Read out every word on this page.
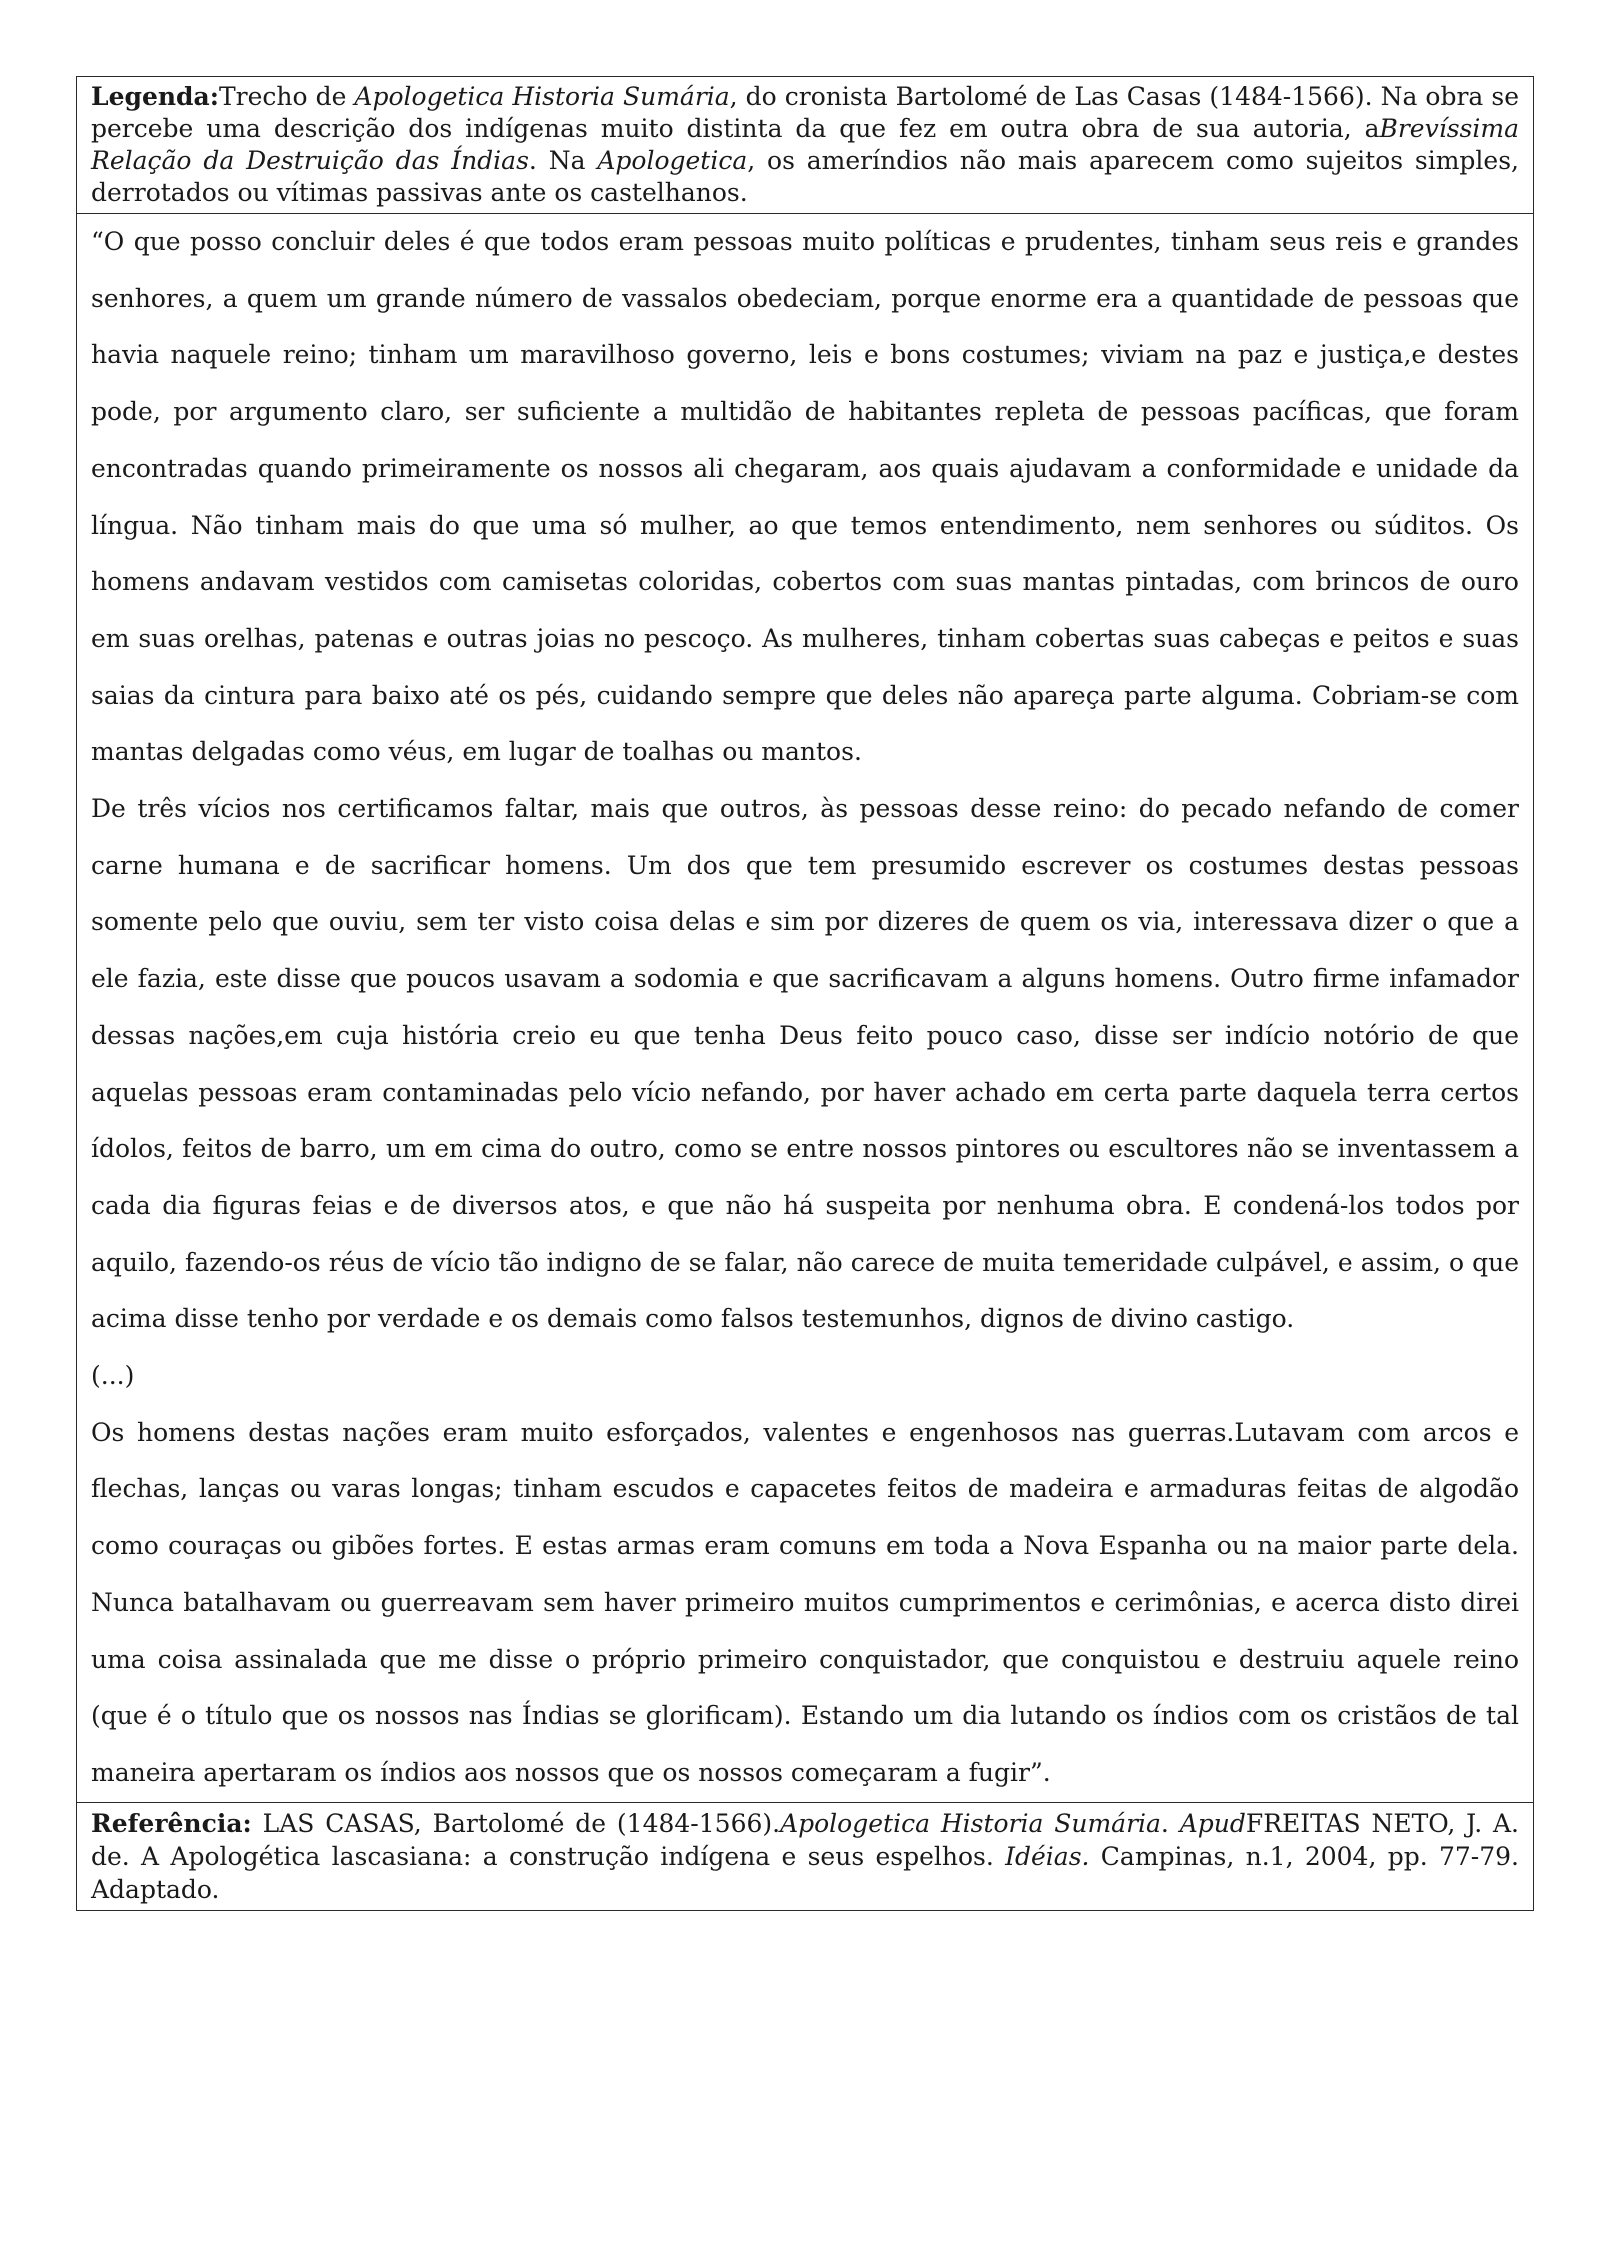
Legenda:Trecho de Apologetica Historia Sumária, do cronista Bartolomé de Las Casas (1484-1566). Na obra se percebe uma descrição dos indígenas muito distinta da que fez em outra obra de sua autoria, aBrevíssima Relação da Destruição das Índias. Na Apologetica, os ameríndios não mais aparecem como sujeitos simples, derrotados ou vítimas passivas ante os castelhanos.

“O que posso concluir deles é que todos eram pessoas muito políticas e prudentes, tinham seus reis e grandes senhores, a quem um grande número de vassalos obedeciam, porque enorme era a quantidade de pessoas que havia naquele reino; tinham um maravilhoso governo, leis e bons costumes; viviam na paz e justiça,e destes pode, por argumento claro, ser suficiente a multidão de habitantes repleta de pessoas pacíficas, que foram encontradas quando primeiramente os nossos ali chegaram, aos quais ajudavam a conformidade e unidade da língua. Não tinham mais do que uma só mulher, ao que temos entendimento, nem senhores ou súditos. Os homens andavam vestidos com camisetas coloridas, cobertos com suas mantas pintadas, com brincos de ouro em suas orelhas, patenas e outras joias no pescoço. As mulheres, tinham cobertas suas cabeças e peitos e suas saias da cintura para baixo até os pés, cuidando sempre que deles não apareça parte alguma. Cobriam-se com mantas delgadas como véus, em lugar de toalhas ou mantos.

De três vícios nos certificamos faltar, mais que outros, às pessoas desse reino: do pecado nefando de comer carne humana e de sacrificar homens. Um dos que tem presumido escrever os costumes destas pessoas somente pelo que ouviu, sem ter visto coisa delas e sim por dizeres de quem os via, interessava dizer o que a ele fazia, este disse que poucos usavam a sodomia e que sacrificavam a alguns homens. Outro firme infamador dessas nações,em cuja história creio eu que tenha Deus feito pouco caso, disse ser indício notório de que aquelas pessoas eram contaminadas pelo vício nefando, por haver achado em certa parte daquela terra certos ídolos, feitos de barro, um em cima do outro, como se entre nossos pintores ou escultores não se inventassem a cada dia figuras feias e de diversos atos, e que não há suspeita por nenhuma obra. E condená-los todos por aquilo, fazendo-os réus de vício tão indigno de se falar, não carece de muita temeridade culpável, e assim, o que acima disse tenho por verdade e os demais como falsos testemunhos, dignos de divino castigo.

(...)

Os homens destas nações eram muito esforçados, valentes e engenhosos nas guerras.Lutavam com arcos e flechas, lanças ou varas longas; tinham escudos e capacetes feitos de madeira e armaduras feitas de algodão como couraças ou gibões fortes. E estas armas eram comuns em toda a Nova Espanha ou na maior parte dela. Nunca batalhavam ou guerreavam sem haver primeiro muitos cumprimentos e cerimônias, e acerca disto direi uma coisa assinalada que me disse o próprio primeiro conquistador, que conquistou e destruiu aquele reino (que é o título que os nossos nas Índias se glorificam). Estando um dia lutando os índios com os cristãos de tal maneira apertaram os índios aos nossos que os nossos começaram a fugir”.

Referência: LAS CASAS, Bartolomé de (1484-1566).Apologetica Historia Sumária. ApudFREITAS NETO, J. A. de. A Apologética lascasiana: a construção indígena e seus espelhos. Idéias. Campinas, n.1, 2004, pp. 77-79. Adaptado.
